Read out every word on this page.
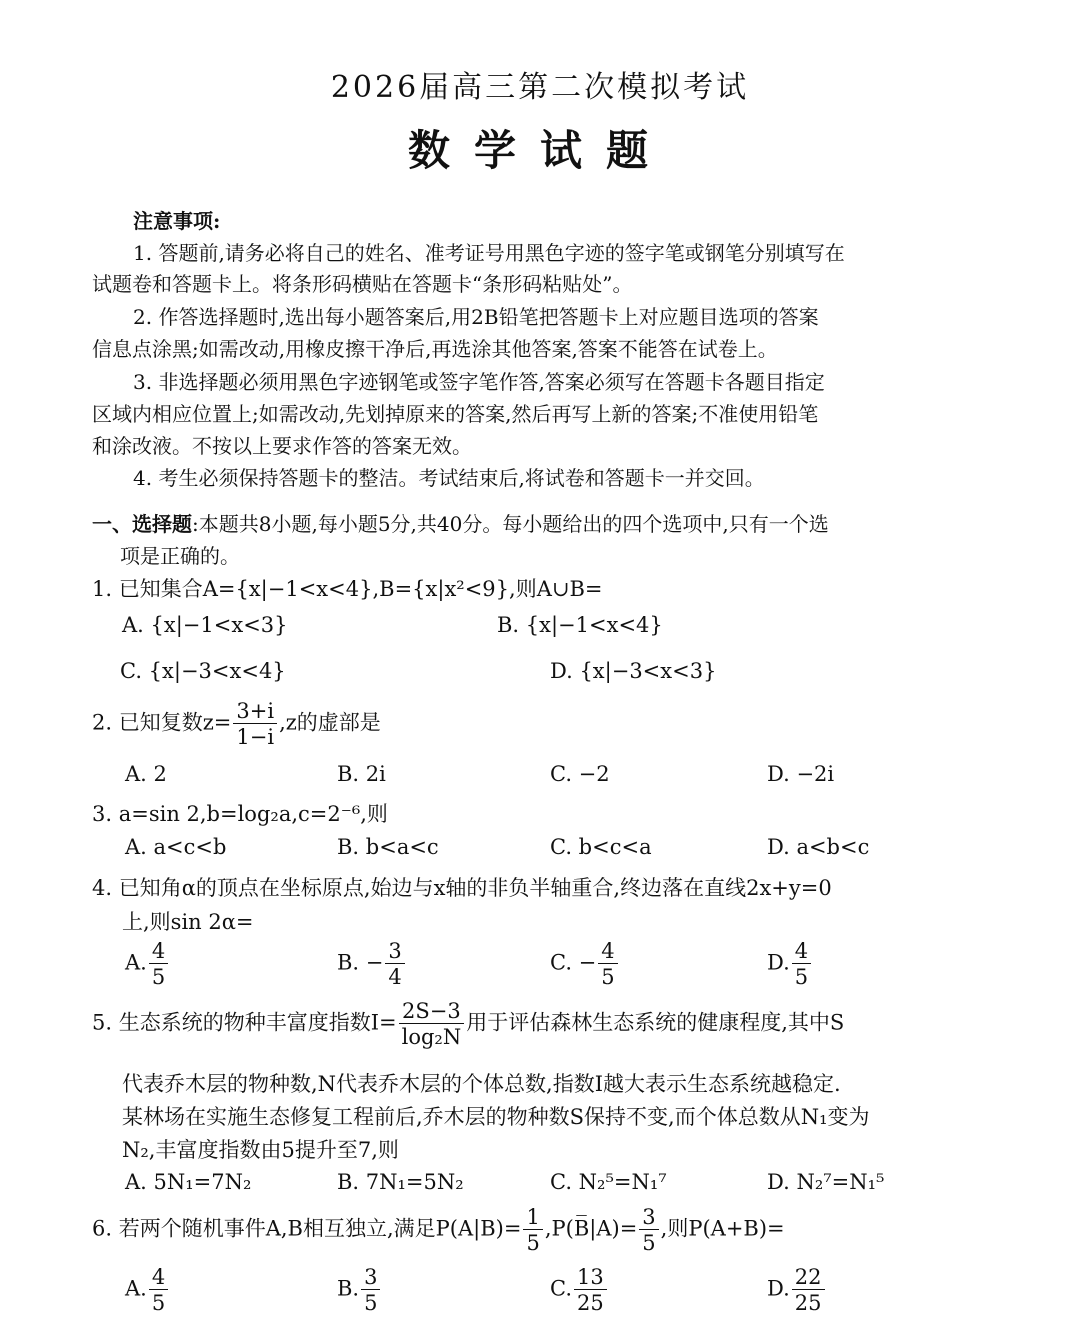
2026届高三第二次模拟考试
数学试题
注意事项:
1. 答题前,请务必将自己的姓名、准考证号用黑色字迹的签字笔或钢笔分别填写在
试题卷和答题卡上。将条形码横贴在答题卡“条形码粘贴处”。
2. 作答选择题时,选出每小题答案后,用2B铅笔把答题卡上对应题目选项的答案
信息点涂黑;如需改动,用橡皮擦干净后,再选涂其他答案,答案不能答在试卷上。
3. 非选择题必须用黑色字迹钢笔或签字笔作答,答案必须写在答题卡各题目指定
区域内相应位置上;如需改动,先划掉原来的答案,然后再写上新的答案;不准使用铅笔
和涂改液。不按以上要求作答的答案无效。
4. 考生必须保持答题卡的整洁。考试结束后,将试卷和答题卡一并交回。
一、选择题:本题共8小题,每小题5分,共40分。每小题给出的四个选项中,只有一个选
项是正确的。
1. 已知集合A={x|−1<x<4},B={x|x²<9},则A∪B=
A. {x|−1<x<3}	B. {x|−1<x<4}
C. {x|−3<x<4}	D. {x|−3<x<3}
2. 已知复数$z= \frac{3+i}{1-i} ,z$的虚部是
A. 2	B. 2i	C. −2	D. −2i
3. a=sin 2,b=log₂a,c=2⁻⁶,则
A. a<c<b	B. b<a<c	C. b<c<a	D. a<b<c
4. 已知角α的顶点在坐标原点,始边与x轴的非负半轴重合,终边落在直线2x+y=0
上,则sin 2α=
A. $\frac{4}{5}$	B. − $\frac{3}{4}$	C. − $\frac{4}{5}$	D. $\frac{4}{5}$
5. 生态系统的物种丰富度指数$I= \frac{2S-3}{\text{log₂N}}$ 用于评估森林生态系统的健康程度,其中S
代表乔木层的物种数,N代表乔木层的个体总数,指数I越大表示生态系统越稳定.
某林场在实施生态修复工程前后,乔木层的物种数S保持不变,而个体总数从N₁变为
N₂,丰富度指数由5提升至7,则
A. 5N₁=7N₂	B. 7N₁=5N₂	C. N₂⁵=N₁⁷	D. N₂⁷=N₁⁵
6. 若两个随机事件A,B相互独立,满足$P(A|B)= \frac{1}{5}$ ,P(B̅|A)= $\frac{3}{5}$ ,则P(A+B)=
A. $\frac{4}{5}$	B. $\frac{3}{5}$	C. $\frac{13}{25}$	D. $\frac{22}{25}$
